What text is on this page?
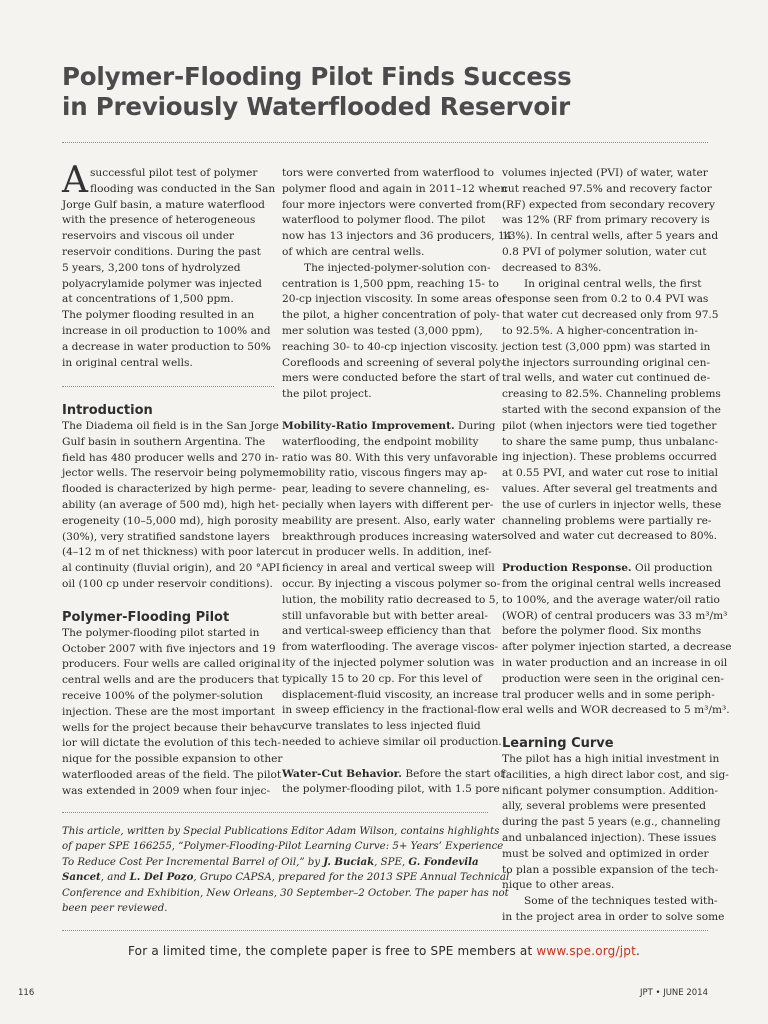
Polymer-Flooding Pilot Finds Success
in Previously Waterflooded Reservoir
A successful pilot test of polymer
flooding was conducted in the San
Jorge Gulf basin, a mature waterflood
with the presence of heterogeneous
reservoirs and viscous oil under
reservoir conditions. During the past
5 years, 3,200 tons of hydrolyzed
polyacrylamide polymer was injected
at concentrations of 1,500 ppm.
The polymer flooding resulted in an
increase in oil production to 100% and
a decrease in water production to 50%
in original central wells.
Introduction

The Diadema oil field is in the San Jorge
Gulf basin in southern Argentina. The
field has 480 producer wells and 270 in-
jector wells. The reservoir being polymer
flooded is characterized by high perme-
ability (an average of 500 md), high het-
erogeneity (10–5,000 md), high porosity
(30%), very stratified sandstone layers
(4–12 m of net thickness) with poor later-
al continuity (fluvial origin), and 20 °API
oil (100 cp under reservoir conditions).

Polymer-Flooding Pilot

The polymer-flooding pilot started in
October 2007 with five injectors and 19
producers. Four wells are called original
central wells and are the producers that
receive 100% of the polymer-solution
injection. These are the most important
wells for the project because their behav-
ior will dictate the evolution of this tech-
nique for the possible expansion to other
waterflooded areas of the field. The pilot
was extended in 2009 when four injec-

tors were converted from waterflood to
polymer flood and again in 2011–12 when
four more injectors were converted from
waterflood to polymer flood. The pilot
now has 13 injectors and 36 producers, 14
of which are central wells.

The injected-polymer-solution con-
centration is 1,500 ppm, reaching 15- to
20-cp injection viscosity. In some areas of
the pilot, a higher concentration of poly-
mer solution was tested (3,000 ppm),
reaching 30- to 40-cp injection viscosity.
Corefloods and screening of several poly-
mers were conducted before the start of
the pilot project.

Mobility-Ratio Improvement. During
waterflooding, the endpoint mobility
ratio was 80. With this very unfavorable
mobility ratio, viscous fingers may ap-
pear, leading to severe channeling, es-
pecially when layers with different per-
meability are present. Also, early water
breakthrough produces increasing water
cut in producer wells. In addition, inef-
ficiency in areal and vertical sweep will
occur. By injecting a viscous polymer so-
lution, the mobility ratio decreased to 5,
still unfavorable but with better areal-
and vertical-sweep efficiency than that
from waterflooding. The average viscos-
ity of the injected polymer solution was
typically 15 to 20 cp. For this level of
displacement-fluid viscosity, an increase
in sweep efficiency in the fractional-flow
curve translates to less injected fluid
needed to achieve similar oil production.

Water-Cut Behavior. Before the start of
the polymer-flooding pilot, with 1.5 pore

volumes injected (PVI) of water, water
cut reached 97.5% and recovery factor
(RF) expected from secondary recovery
was 12% (RF from primary recovery is
13%). In central wells, after 5 years and
0.8 PVI of polymer solution, water cut
decreased to 83%.

In original central wells, the first
response seen from 0.2 to 0.4 PVI was
that water cut decreased only from 97.5
to 92.5%. A higher-concentration in-
jection test (3,000 ppm) was started in
the injectors surrounding original cen-
tral wells, and water cut continued de-
creasing to 82.5%. Channeling problems
started with the second expansion of the
pilot (when injectors were tied together
to share the same pump, thus unbalanc-
ing injection). These problems occurred
at 0.55 PVI, and water cut rose to initial
values. After several gel treatments and
the use of curlers in injector wells, these
channeling problems were partially re-
solved and water cut decreased to 80%.

Production Response. Oil production
from the original central wells increased
to 100%, and the average water/oil ratio
(WOR) of central producers was 33 m³/m³
before the polymer flood. Six months
after polymer injection started, a decrease
in water production and an increase in oil
production were seen in the original cen-
tral producer wells and in some periph-
eral wells and WOR decreased to 5 m³/m³.

Learning Curve

The pilot has a high initial investment in
facilities, a high direct labor cost, and sig-
nificant polymer consumption. Addition-
ally, several problems were presented
during the past 5 years (e.g., channeling
and unbalanced injection). These issues
must be solved and optimized in order
to plan a possible expansion of the tech-
nique to other areas.

Some of the techniques tested with-
in the project area in order to solve some

This article, written by Special Publications Editor Adam Wilson, contains highlights
of paper SPE 166255, “Polymer-Flooding-Pilot Learning Curve: 5+ Years’ Experience
To Reduce Cost Per Incremental Barrel of Oil,” by J. Buciak, SPE, G. Fondevila
Sancet, and L. Del Pozo, Grupo CAPSA, prepared for the 2013 SPE Annual Technical
Conference and Exhibition, New Orleans, 30 September–2 October. The paper has not
been peer reviewed.
For a limited time, the complete paper is free to SPE members at www.spe.org/jpt.
116	JPT • JUNE 2014
